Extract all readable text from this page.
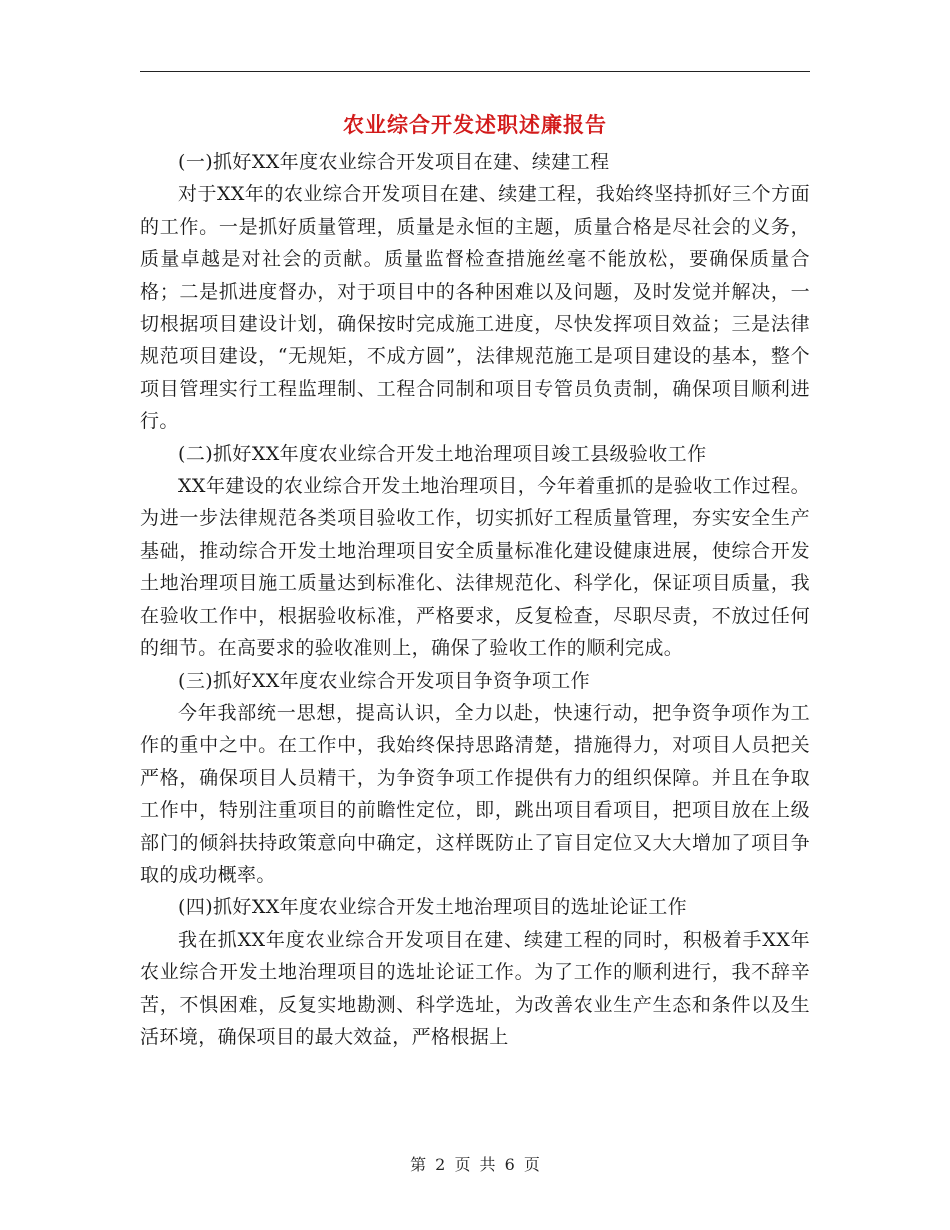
农业综合开发述职述廉报告

(一)抓好XX年度农业综合开发项目在建、续建工程

对于XX年的农业综合开发项目在建、续建工程，我始终坚持抓好三个方面的工作。一是抓好质量管理，质量是永恒的主题，质量合格是尽社会的义务，质量卓越是对社会的贡献。质量监督检查措施丝毫不能放松，要确保质量合格；二是抓进度督办，对于项目中的各种困难以及问题，及时发觉并解决，一切根据项目建设计划，确保按时完成施工进度，尽快发挥项目效益；三是法律规范项目建设，“无规矩，不成方圆”，法律规范施工是项目建设的基本，整个项目管理实行工程监理制、工程合同制和项目专管员负责制，确保项目顺利进行。

(二)抓好XX年度农业综合开发土地治理项目竣工县级验收工作

XX年建设的农业综合开发土地治理项目，今年着重抓的是验收工作过程。为进一步法律规范各类项目验收工作，切实抓好工程质量管理，夯实安全生产基础，推动综合开发土地治理项目安全质量标准化建设健康进展，使综合开发土地治理项目施工质量达到标准化、法律规范化、科学化，保证项目质量，我在验收工作中，根据验收标准，严格要求，反复检查，尽职尽责，不放过任何的细节。在高要求的验收准则上，确保了验收工作的顺利完成。

(三)抓好XX年度农业综合开发项目争资争项工作

今年我部统一思想，提高认识，全力以赴，快速行动，把争资争项作为工作的重中之中。在工作中，我始终保持思路清楚，措施得力，对项目人员把关严格，确保项目人员精干，为争资争项工作提供有力的组织保障。并且在争取工作中，特别注重项目的前瞻性定位，即，跳出项目看项目，把项目放在上级部门的倾斜扶持政策意向中确定，这样既防止了盲目定位又大大增加了项目争取的成功概率。

(四)抓好XX年度农业综合开发土地治理项目的选址论证工作

我在抓XX年度农业综合开发项目在建、续建工程的同时，积极着手XX年农业综合开发土地治理项目的选址论证工作。为了工作的顺利进行，我不辞辛苦，不惧困难，反复实地勘测、科学选址，为改善农业生产生态和条件以及生活环境，确保项目的最大效益，严格根据上

第 2 页 共 6 页
